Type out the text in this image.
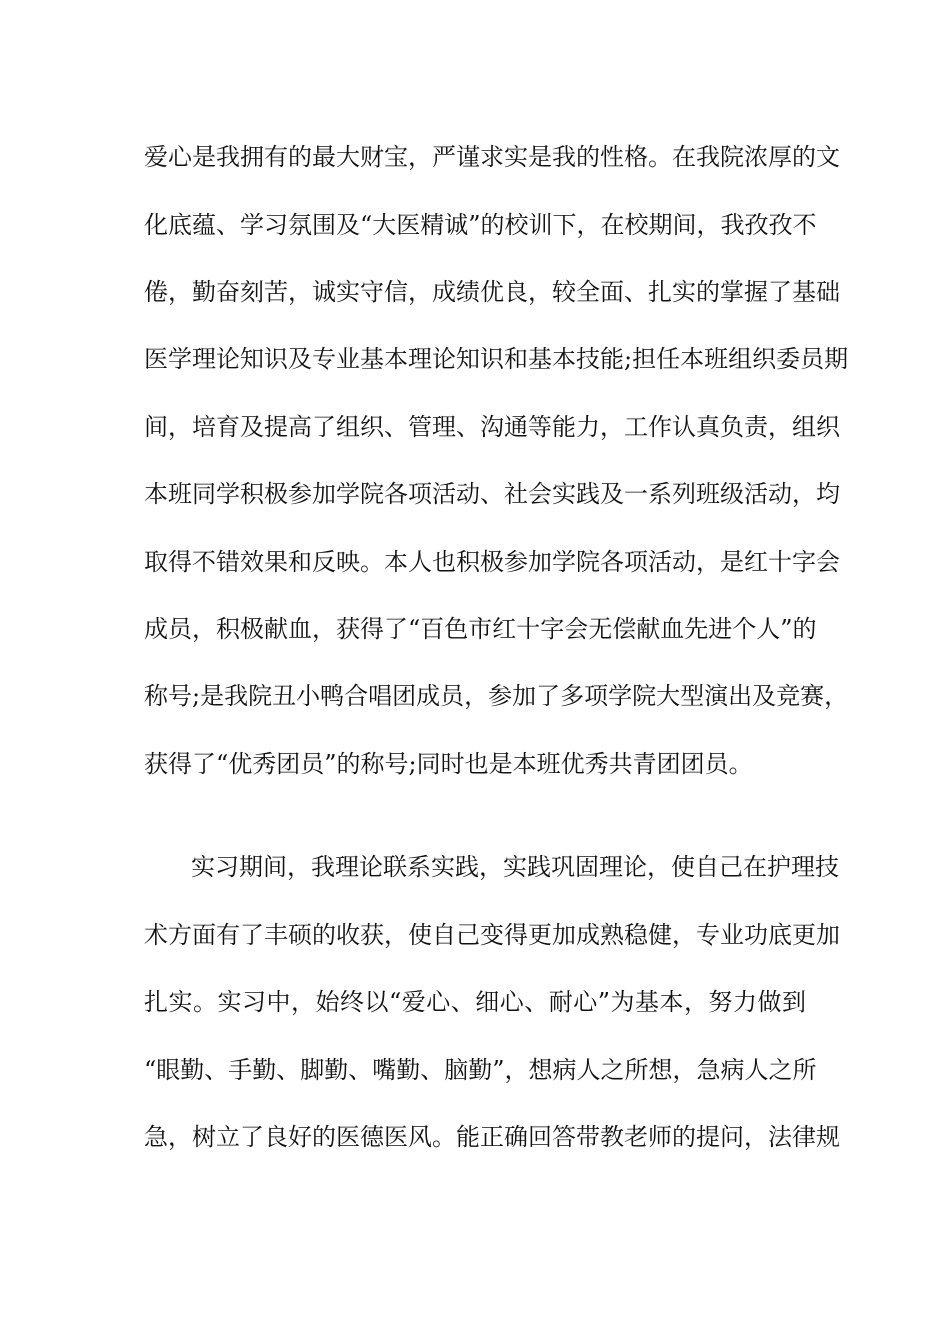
爱心是我拥有的最大财宝，严谨求实是我的性格。在我院浓厚的文
化底蕴、学习氛围及“大医精诚”的校训下，在校期间，我孜孜不
倦，勤奋刻苦，诚实守信，成绩优良，较全面、扎实的掌握了基础
医学理论知识及专业基本理论知识和基本技能;担任本班组织委员期
间，培育及提高了组织、管理、沟通等能力，工作认真负责，组织
本班同学积极参加学院各项活动、社会实践及一系列班级活动，均
取得不错效果和反映。本人也积极参加学院各项活动，是红十字会
成员，积极献血，获得了“百色市红十字会无偿献血先进个人”的
称号;是我院丑小鸭合唱团成员，参加了多项学院大型演出及竞赛，
获得了“优秀团员”的称号;同时也是本班优秀共青团团员。
实习期间，我理论联系实践，实践巩固理论，使自己在护理技
术方面有了丰硕的收获，使自己变得更加成熟稳健，专业功底更加
扎实。实习中，始终以“爱心、细心、耐心”为基本，努力做到
“眼勤、手勤、脚勤、嘴勤、脑勤”，想病人之所想，急病人之所
急，树立了良好的医德医风。能正确回答带教老师的提问，法律规
